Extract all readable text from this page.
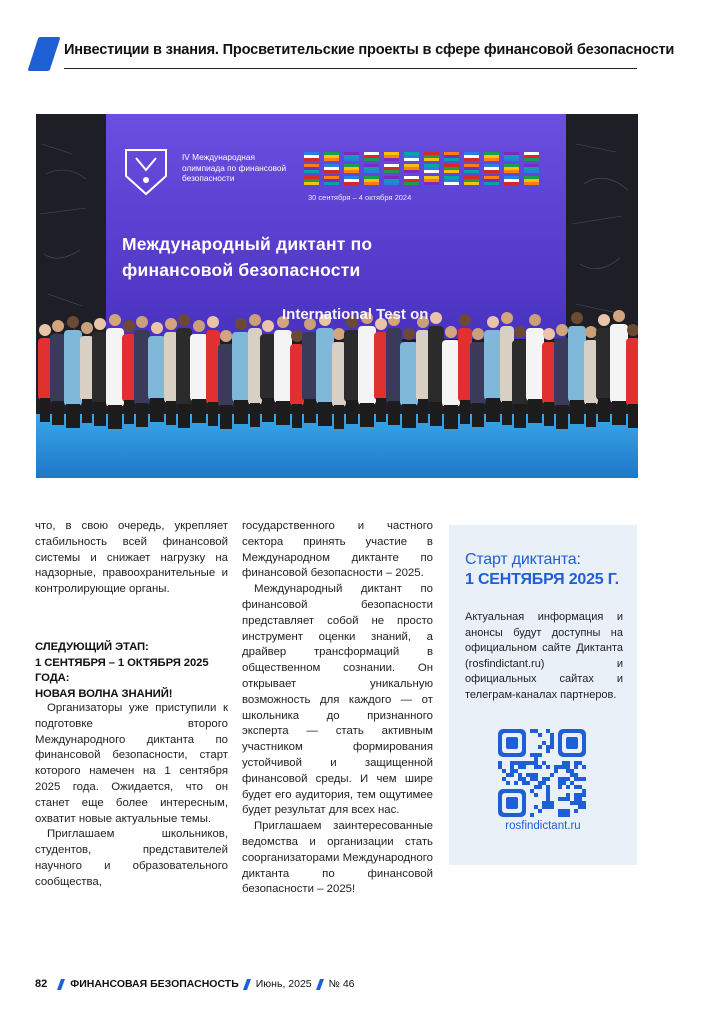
Инвестиции в знания. Просветительские проекты в сфере финансовой безопасности
IV Международная олимпиада по финансовой безопасности
30 сентября – 4 октября 2024
Международный диктант по
финансовой безопасности
International Test on

что, в свою очередь, укрепляет стабильность всей финансовой системы и снижает нагрузку на надзорные, правоохранительные и контролирующие органы.

СЛЕДУЮЩИЙ ЭТАП:
1 СЕНТЯБРЯ – 1 ОКТЯБРЯ 2025 ГОДА:
НОВАЯ ВОЛНА ЗНАНИЙ!

Организаторы уже приступили к подготовке второго Международного диктанта по финансовой безопасности, старт которого намечен на 1 сентября 2025 года. Ожидается, что он станет еще более интересным, охватит новые актуальные темы.

Приглашаем школьников, студентов, представителей научного и образовательного сообщества,

государственного и частного сектора принять участие в Международном диктанте по финансовой безопасности – 2025.

Международный диктант по финансовой безопасности представляет собой не просто инструмент оценки знаний, а драйвер трансформаций в общественном сознании. Он открывает уникальную возможность для каждого — от школьника до признанного эксперта — стать активным участником формирования устойчивой и защищенной финансовой среды. И чем шире будет его аудитория, тем ощутимее будет результат для всех нас.

Приглашаем заинтересованные ведомства и организации стать соорганизаторами Международного диктанта по финансовой безопасности – 2025!

Старт диктанта:
1 СЕНТЯБРЯ 2025 Г.
Актуальная информация и анонсы будут доступны на официальном сайте Диктанта (rosfindictant.ru) и официальных сайтах и телеграм-каналах партнеров.
rosfindictant.ru
82 ФИНАНСОВАЯ БЕЗОПАСНОСТЬ Июнь, 2025 № 46
